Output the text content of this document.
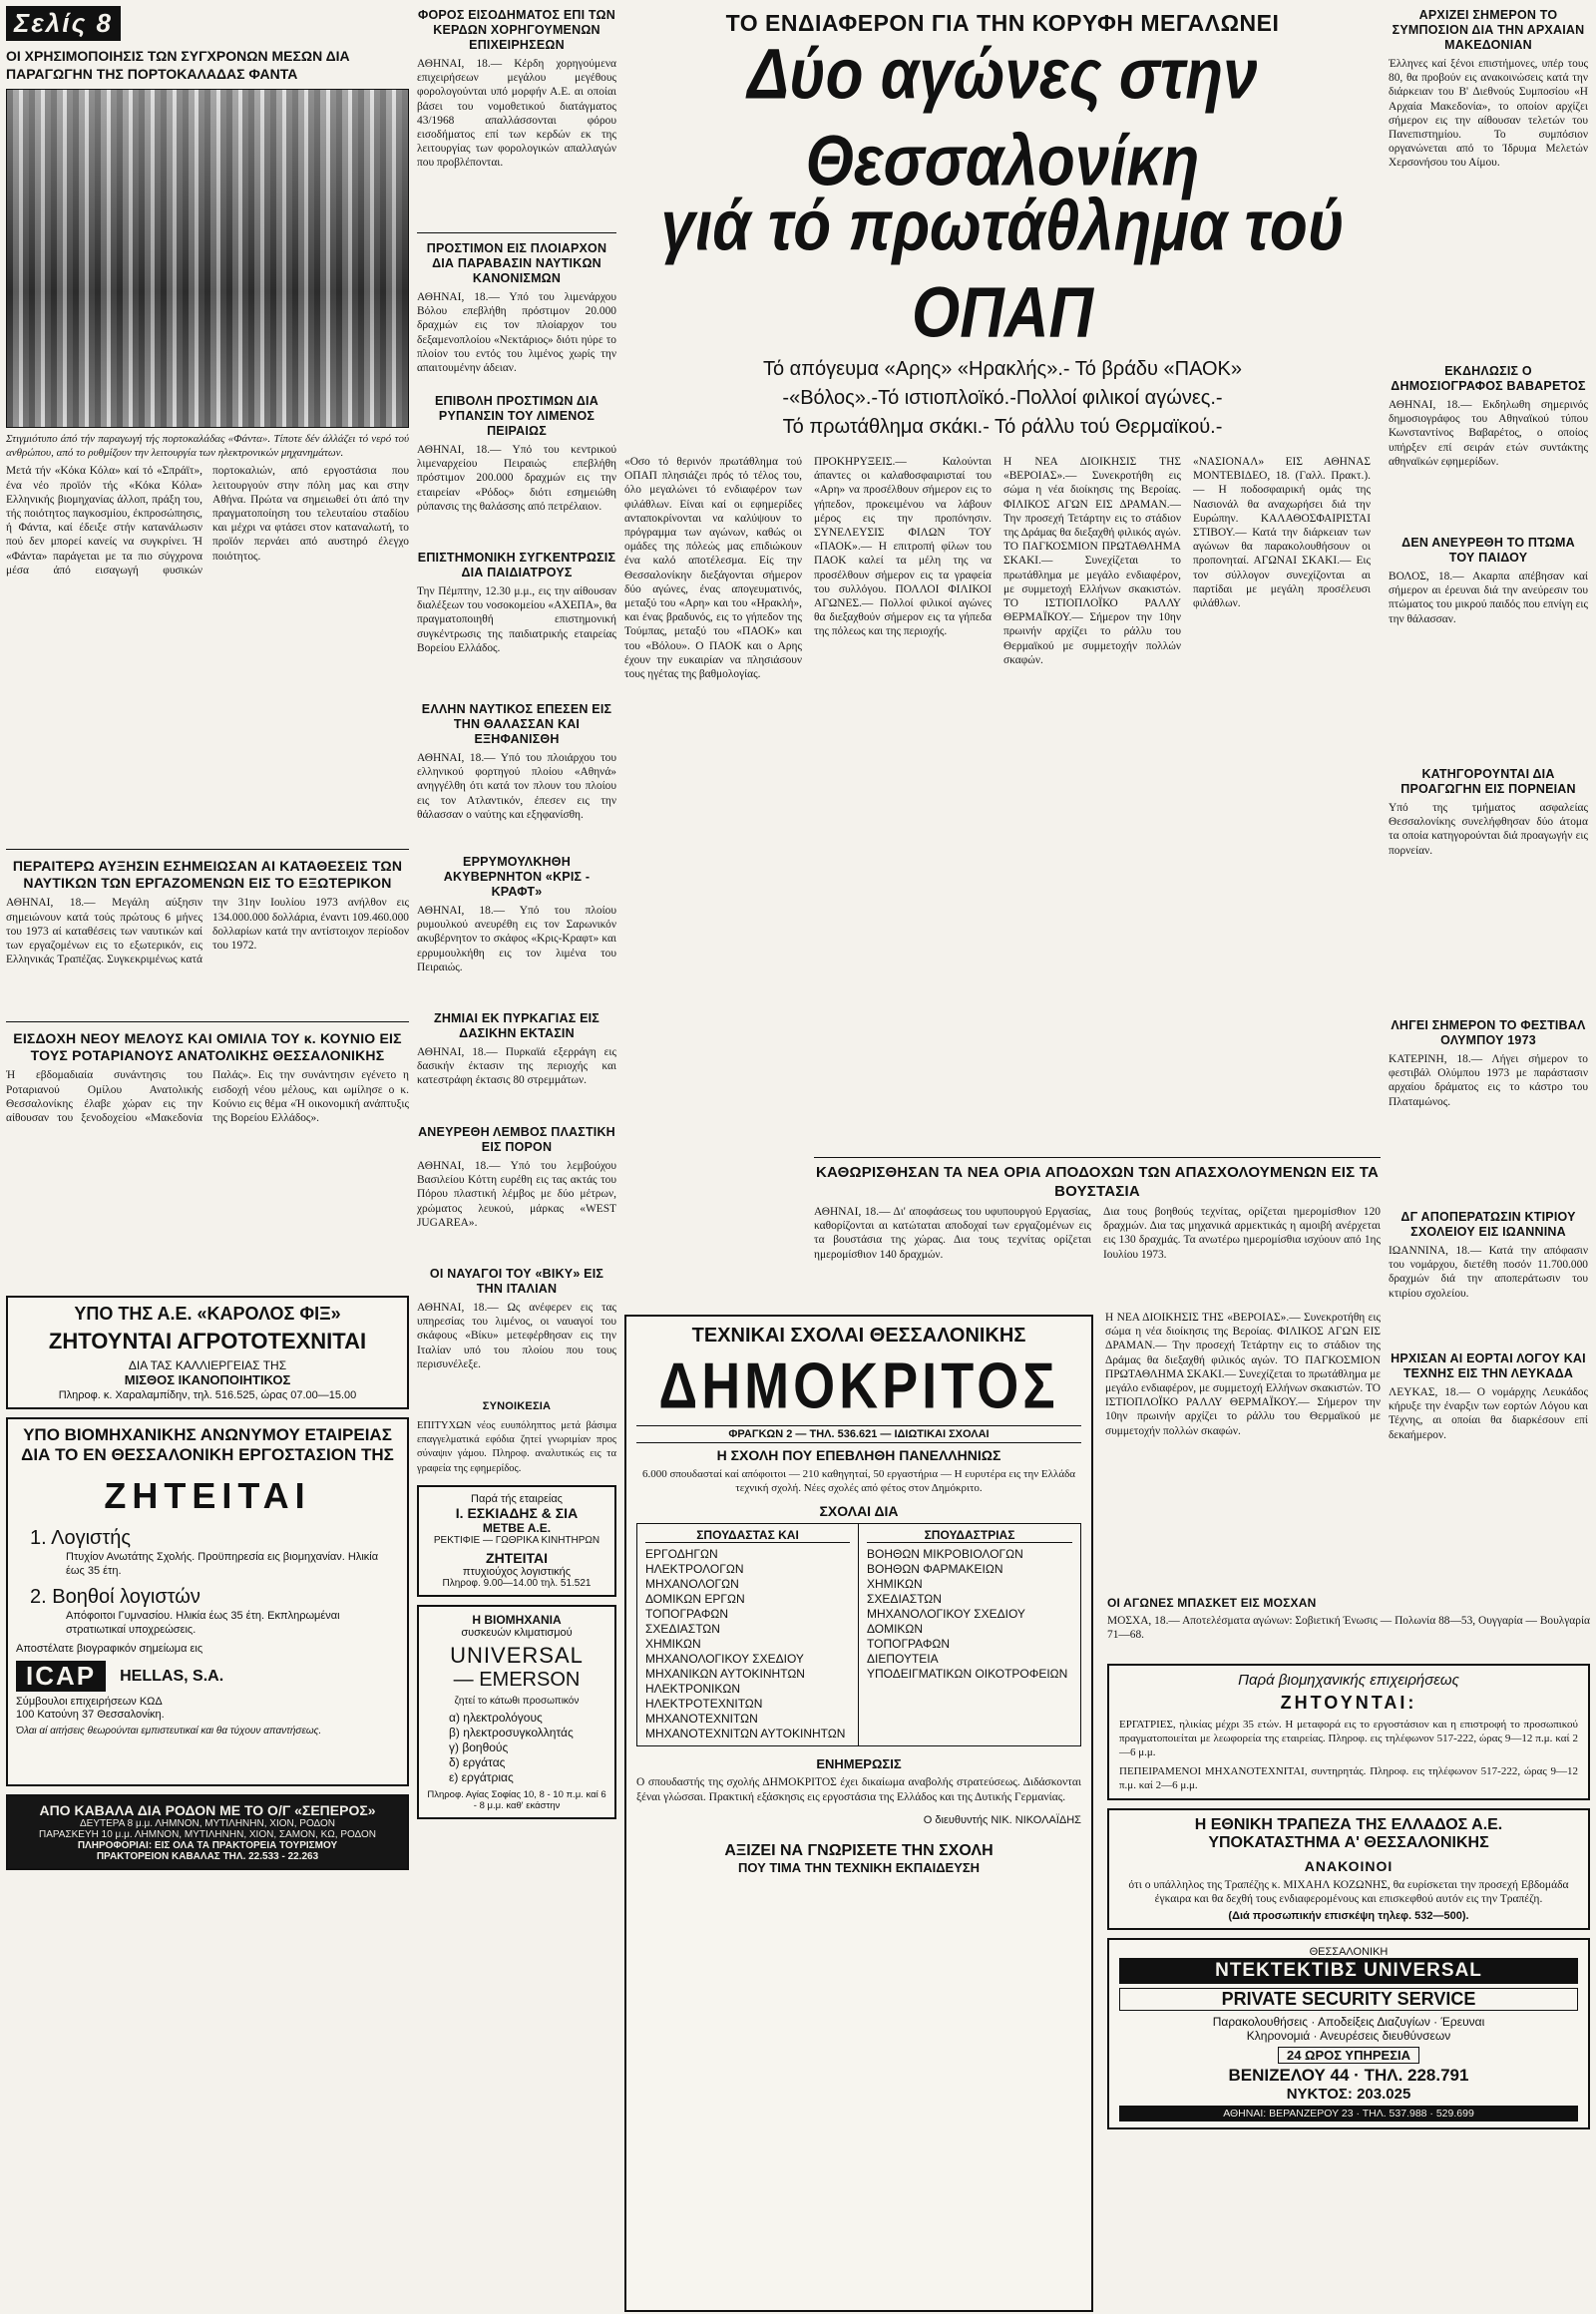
Σελίς 8
ΟΙ ΧΡΗΣΙΜΟΠΟΙΗΣΙΣ ΤΩΝ ΣΥΓΧΡΟΝΩΝ ΜΕΣΩΝ ΔΙΑ ΠΑΡΑΓΩΓΗΝ ΤΗΣ ΠΟΡΤΟΚΑΛΑΔΑΣ ΦΑΝΤΑ
Στιγμιότυπο άπό τήν παραγωγή τής πορτοκαλάδας «Φάντα». Τίποτε δέν άλλάζει τό νερό τού ανθρώπου, από το ρυθμίζουν την λειτουργία των ηλεκτρονικών μηχανημάτων.
Μετά τήν «Κόκα Κόλα» καί τό «Σπράϊτ», ένα νέο προϊόν τής «Κόκα Κόλα» Ελληνικής βιομηχανίας άλλοπ, πράξη του, τής ποιότητος παγκοσμίου, έκπροσώπησις, ή Φάντα, καί έδειξε στήν κατανάλωσιν πού δεν μπορεί κανείς να συγκρίνει. Ή «Φάντα» παράγεται με τα πιο σύγχρονα μέσα άπό εισαγωγή φυσικών πορτοκαλιών, από εργοστάσια που λειτουργούν στην πόλη μας και στην Αθήνα. Πρώτα να σημειωθεί ότι άπό την πραγματοποίηση του τελευταίου σταδίου και μέχρι να φτάσει στον καταναλωτή, το προϊόν περνάει από αυστηρό έλεγχο ποιότητος.
ΠΕΡΑΙΤΕΡΩ ΑΥΞΗΣΙΝ ΕΣΗΜΕΙΩΣΑΝ ΑΙ ΚΑΤΑΘΕΣΕΙΣ ΤΩΝ ΝΑΥΤΙΚΩΝ ΤΩΝ ΕΡΓΑΖΟΜΕΝΩΝ ΕΙΣ ΤΟ ΕΞΩΤΕΡΙΚΟΝ
ΑΘΗΝΑΙ, 18.— Μεγάλη αύξησιν σημειώνουν κατά τούς πρώτους 6 μήνες του 1973 αί καταθέσεις των ναυτικών καί των εργαζομένων εις το εξωτερικόν, εις Ελληνικάς Τραπέζας. Συγκεκριμένως κατά την 31ην Ιουλίου 1973 ανήλθον εις 134.000.000 δολλάρια, έναντι 109.460.000 δολλαρίων κατά την αντίστοιχον περίοδον του 1972.
ΕΙΣΔΟΧΗ ΝΕΟΥ ΜΕΛΟΥΣ ΚΑΙ ΟΜΙΛΙΑ ΤΟΥ κ. ΚΟΥΝΙΟ ΕΙΣ ΤΟΥΣ ΡΟΤΑΡΙΑΝΟΥΣ ΑΝΑΤΟΛΙΚΗΣ ΘΕΣΣΑΛΟΝΙΚΗΣ
Ή εβδομαδιαία συνάντησις του Ροταριανού Ομίλου Ανατολικής Θεσσαλονίκης έλαβε χώραν εις την αίθουσαν του ξενοδοχείου «Μακεδονία Παλάς». Εις την συνάντησιν εγένετο η εισδοχή νέου μέλους, και ωμίλησε ο κ. Κούνιο εις θέμα «Ή οικονομική ανάπτυξις της Βορείου Ελλάδος».
ΥΠΟ ΤΗΣ Α.Ε. «ΚΑΡΟΛΟΣ ΦΙΞ»
ΖΗΤΟΥΝΤΑΙ ΑΓΡΟΤΟΤΕΧΝΙΤΑΙ
ΔΙΑ ΤΑΣ ΚΑΛΛΙΕΡΓΕΙΑΣ ΤΗΣ
ΜΙΣΘΟΣ ΙΚΑΝΟΠΟΙΗΤΙΚΟΣ
Πληροφ. κ. Χαραλαμπίδην, τηλ. 516.525, ώρας 07.00—15.00
ΥΠΟ ΒΙΟΜΗΧΑΝΙΚΗΣ ΑΝΩΝΥΜΟΥ ΕΤΑΙΡΕΙΑΣ
ΔΙΑ ΤΟ ΕΝ ΘΕΣΣΑΛΟΝΙΚΗ ΕΡΓΟΣΤΑΣΙΟΝ ΤΗΣ
ΖΗΤΕΙΤΑΙ
1. Λογιστής
Πτυχίον Ανωτάτης Σχολής. Προϋπηρεσία εις βιομηχανίαν. Ηλικία έως 35 έτη.
2. Βοηθοί λογιστών
Απόφοιτοι Γυμνασίου. Ηλικία έως 35 έτη. Εκπληρωμέναι στρατιωτικαί υποχρεώσεις.
Αποστέλατε βιογραφικόν σημείωμα εις
ICAP	HELLAS, S.A.
Σύμβουλοι επιχειρήσεων ΚΩΔ 100 Κατούνη 37 Θεσσαλονίκη.
Όλαι αί αιτήσεις θεωρούνται εμπιστευτικαί και θα τύχουν απαντήσεως.
ΑΠΟ ΚΑΒΑΛΑ ΔΙΑ ΡΟΔΟΝ ΜΕ ΤΟ Ο/Γ «ΣΕΠΕΡΟΣ»
ΔΕΥΤΕΡΑ 8 μ.μ. ΛΗΜΝΟΝ, ΜΥΤΙΛΗΝΗΝ, ΧΙΟΝ, ΡΟΔΟΝ
ΠΑΡΑΣΚΕΥΗ 10 μ.μ. ΛΗΜΝΟΝ, ΜΥΤΙΛΗΝΗΝ, ΧΙΟΝ, ΣΑΜΟΝ, ΚΩ, ΡΟΔΟΝ
ΠΛΗΡΟΦΟΡΙΑΙ: ΕΙΣ ΟΛΑ ΤΑ ΠΡΑΚΤΟΡΕΙΑ ΤΟΥΡΙΣΜΟΥ
ΠΡΑΚΤΟΡΕΙΟΝ ΚΑΒΑΛΑΣ ΤΗΛ. 22.533 - 22.263
ΦΟΡΟΣ ΕΙΣΟΔΗΜΑΤΟΣ ΕΠΙ ΤΩΝ ΚΕΡΔΩΝ ΧΟΡΗΓΟΥΜΕΝΩΝ ΕΠΙΧΕΙΡΗΣΕΩΝ
ΑΘΗΝΑΙ, 18.— Κέρδη χορηγούμενα επιχειρήσεων μεγάλου μεγέθους φορολογούνται υπό μορφήν Α.Ε. αι οποίαι βάσει του νομοθετικού διατάγματος 43/1968 απαλλάσσονται φόρου εισοδήματος επί των κερδών εκ της λειτουργίας των φορολογικών απαλλαγών που προβλέπονται.
ΠΡΟΣΤΙΜΟΝ ΕΙΣ ΠΛΟΙΑΡΧΟΝ ΔΙΑ ΠΑΡΑΒΑΣΙΝ ΝΑΥΤΙΚΩΝ ΚΑΝΟΝΙΣΜΩΝ
ΑΘΗΝΑΙ, 18.— Υπό του λιμενάρχου Βόλου επεβλήθη πρόστιμον 20.000 δραχμών εις τον πλοίαρχον του δεξαμενοπλοίου «Νεκτάριος» διότι ηύρε το πλοίον του εντός του λιμένος χωρίς την απαιτουμένην άδειαν.
ΕΠΙΒΟΛΗ ΠΡΟΣΤΙΜΩΝ ΔΙΑ ΡΥΠΑΝΣΙΝ ΤΟΥ ΛΙΜΕΝΟΣ ΠΕΙΡΑΙΩΣ
ΑΘΗΝΑΙ, 18.— Υπό του κεντρικού λιμεναρχείου Πειραιώς επεβλήθη πρόστιμον 200.000 δραχμών εις την εταιρείαν «Ρόδος» διότι εσημειώθη ρύπανσις της θαλάσσης από πετρέλαιον.
ΕΠΙΣΤΗΜΟΝΙΚΗ ΣΥΓΚΕΝΤΡΩΣΙΣ ΔΙΑ ΠΑΙΔΙΑΤΡΟΥΣ
Την Πέμπτην, 12.30 μ.μ., εις την αίθουσαν διαλέξεων του νοσοκομείου «ΑΧΕΠΑ», θα πραγματοποιηθή επιστημονική συγκέντρωσις της παιδιατρικής εταιρείας Βορείου Ελλάδος.
ΕΛΛΗΝ ΝΑΥΤΙΚΟΣ ΕΠΕΣΕΝ ΕΙΣ ΤΗΝ ΘΑΛΑΣΣΑΝ ΚΑΙ ΕΞΗΦΑΝΙΣΘΗ
ΑΘΗΝΑΙ, 18.— Υπό του πλοιάρχου του ελληνικού φορτηγού πλοίου «Αθηνά» ανηγγέλθη ότι κατά τον πλουν του πλοίου εις τον Ατλαντικόν, έπεσεν εις την θάλασσαν ο ναύτης και εξηφανίσθη.
ΕΡΡΥΜΟΥΛΚΗΘΗ ΑΚΥΒΕΡΝΗΤΟΝ «ΚΡΙΣ - ΚΡΑΦΤ»
ΑΘΗΝΑΙ, 18.— Υπό του πλοίου ρυμουλκού ανευρέθη εις τον Σαρωνικόν ακυβέρνητον το σκάφος «Κρις-Κραφτ» και ερρυμουλκήθη εις τον λιμένα του Πειραιώς.
ΖΗΜΙΑΙ ΕΚ ΠΥΡΚΑΓΙΑΣ ΕΙΣ ΔΑΣΙΚΗΝ ΕΚΤΑΣΙΝ
ΑΘΗΝΑΙ, 18.— Πυρκαϊά εξερράγη εις δασικήν έκτασιν της περιοχής και κατεστράφη έκτασις 80 στρεμμάτων.
ΑΝΕΥΡΕΘΗ ΛΕΜΒΟΣ ΠΛΑΣΤΙΚΗ ΕΙΣ ΠΟΡΟΝ
ΑΘΗΝΑΙ, 18.— Υπό του λεμβούχου Βασιλείου Κόττη ευρέθη εις τας ακτάς του Πόρου πλαστική λέμβος με δύο μέτρων, χρώματος λευκού, μάρκας «WEST JUGAREA».
ΟΙ ΝΑΥΑΓΟΙ ΤΟΥ «ΒΙΚΥ» ΕΙΣ ΤΗΝ ΙΤΑΛΙΑΝ
ΑΘΗΝΑΙ, 18.— Ως ανέφερεν εις τας υπηρεσίας του λιμένος, οι ναυαγοί του σκάφους «Βίκυ» μετεφέρθησαν εις την Ιταλίαν υπό του πλοίου που τους περισυνέλεξε.
ΣΥΝΟΙΚΕΣΙΑ
ΕΠΙΤΥΧΩΝ νέος ευυπόληπτος μετά βάσιμα επαγγελματικά εφόδια ζητεί γνωριμίαν προς σύναψιν γάμου. Πληροφ. αναλυτικώς εις τα γραφεία της εφημερίδος.
Παρά τής εταιρείας
Ι. ΕΣΚΙΑΔΗΣ & ΣΙΑ
ΜΕΤΒΕ Α.Ε.
ΡΕΚΤΙΦΙΕ — ΓΩΘΡΙΚΑ ΚΙΝΗΤΗΡΩΝ
ΖΗΤΕΙΤΑΙ
πτυχιούχος λογιστικής
Πληροφ. 9.00—14.00 τηλ. 51.521
Η ΒΙΟΜΗΧΑΝΙΑ
συσκευών κλιματισμού
UNIVERSAL
— EMERSON
ζητεί το κάτωθι προσωπικόν
α) ηλεκτρολόγους
β) ηλεκτροσυγκολλητάς
γ) βοηθούς
δ) εργάτας
ε) εργάτριας
Πληροφ. Αγίας Σοφίας 10, 8 - 10 π.μ. καί 6 - 8 μ.μ. καθ' εκάστην
ΤΟ ΕΝΔΙΑΦΕΡΟΝ ΓΙΑ ΤΗΝ ΚΟΡΥΦΗ ΜΕΓΑΛΩΝΕΙ
Δύο αγώνες στην Θεσσαλονίκη
γιά τό πρωτάθλημα τού ΟΠΑΠ
Τό απόγευμα «Αρης» «Ηρακλής».- Τό βράδυ «ΠΑΟΚ»
-«Βόλος».-Τό ιστιοπλοϊκό.-Πολλοί φιλικοί αγώνες.-
Τό πρωτάθλημα σκάκι.- Τό ράλλυ τού Θερμαϊκού.-
«Οσο τό θερινόν πρωτάθλημα τού ΟΠΑΠ πλησιάζει πρός τό τέλος του, όλο μεγαλώνει τό ενδιαφέρον των φιλάθλων. Είναι καί οι εφημερίδες ανταποκρίνονται να καλύψουν το πρόγραμμα των αγώνων, καθώς οι ομάδες της πόλεώς μας επιδιώκουν ένα καλό αποτέλεσμα. Είς την Θεσσαλονίκην διεξάγονται σήμερον δύο αγώνες, ένας απογευματινός, μεταξύ του «Αρη» και του «Ηρακλή», και ένας βραδυνός, εις το γήπεδον της Τούμπας, μεταξύ του «ΠΑΟΚ» και του «Βόλου». Ο ΠΑΟΚ και ο Αρης έχουν την ευκαιρίαν να πλησιάσουν τους ηγέτας της βαθμολογίας.
ΠΡΟΚΗΡΥΞΕΙΣ.— Καλούνται άπαντες οι καλαθοσφαιρισταί του «Αρη» να προσέλθουν σήμερον εις το γήπεδον, προκειμένου να λάβουν μέρος εις την προπόνησιν. ΣΥΝΕΛΕΥΣΙΣ ΦΙΛΩΝ ΤΟΥ «ΠΑΟΚ».— Η επιτροπή φίλων του ΠΑΟΚ καλεί τα μέλη της να προσέλθουν σήμερον εις τα γραφεία του συλλόγου. ΠΟΛΛΟΙ ΦΙΛΙΚΟΙ ΑΓΩΝΕΣ.— Πολλοί φιλικοί αγώνες θα διεξαχθούν σήμερον εις τα γήπεδα της πόλεως και της περιοχής.
Η ΝΕΑ ΔΙΟΙΚΗΣΙΣ ΤΗΣ «ΒΕΡΟΙΑΣ».— Συνεκροτήθη εις σώμα η νέα διοίκησις της Βεροίας. ΦΙΛΙΚΟΣ ΑΓΩΝ ΕΙΣ ΔΡΑΜΑΝ.— Την προσεχή Τετάρτην εις το στάδιον της Δράμας θα διεξαχθή φιλικός αγών. ΤΟ ΠΑΓΚΟΣΜΙΟΝ ΠΡΩΤΑΘΛΗΜΑ ΣΚΑΚΙ.— Συνεχίζεται το πρωτάθλημα με μεγάλο ενδιαφέρον, με συμμετοχή Ελλήνων σκακιστών. ΤΟ ΙΣΤΙΟΠΛΟΪΚΟ ΡΑΛΛΥ ΘΕΡΜΑΪΚΟΥ.— Σήμερον την 10ην πρωινήν αρχίζει το ράλλυ του Θερμαϊκού με συμμετοχήν πολλών σκαφών.
«ΝΑΣΙΟΝΑΛ» ΕΙΣ ΑΘΗΝΑΣ ΜΟΝΤΕΒΙΔΕΟ, 18. (Γαλλ. Πρακτ.).— Η ποδοσφαιρική ομάς της Νασιονάλ θα αναχωρήσει διά την Ευρώπην. ΚΑΛΑΘΟΣΦΑΙΡΙΣΤΑΙ ΣΤΙΒΟΥ.— Κατά την διάρκειαν των αγώνων θα παρακολουθήσουν οι προπονηταί. ΑΓΩΝΑΙ ΣΚΑΚΙ.— Εις τον σύλλογον συνεχίζονται αι παρτίδαι με μεγάλη προσέλευσι φιλάθλων.
ΚΑΘΩΡΙΣΘΗΣΑΝ ΤΑ ΝΕΑ ΟΡΙΑ ΑΠΟΔΟΧΩΝ ΤΩΝ ΑΠΑΣΧΟΛΟΥΜΕΝΩΝ ΕΙΣ ΤΑ ΒΟΥΣΤΑΣΙΑ
ΑΘΗΝΑΙ, 18.— Δι' αποφάσεως του υφυπουργού Εργασίας, καθορίζονται αι κατώταται αποδοχαί των εργαζομένων εις τα βουστάσια της χώρας. Δια τους τεχνίτας ορίζεται ημερομίσθιον 140 δραχμών.
Δια τους βοηθούς τεχνίτας, ορίζεται ημερομίσθιον 120 δραχμών. Δια τας μηχανικά αρμεκτικάς η αμοιβή ανέρχεται εις 130 δραχμάς. Τα ανωτέρω ημερομίσθια ισχύουν από 1ης Ιουλίου 1973.
ΤΕΧΝΙΚΑΙ ΣΧΟΛΑΙ ΘΕΣΣΑΛΟΝΙΚΗΣ
ΔΗΜΟΚΡΙΤΟΣ
ΦΡΑΓΚΩΝ 2 — ΤΗΛ. 536.621 — ΙΔΙΩΤΙΚΑΙ ΣΧΟΛΑΙ
Η ΣΧΟΛΗ ΠΟΥ ΕΠΕΒΛΗΘΗ ΠΑΝΕΛΛΗΝΙΩΣ
6.000 σπουδασταί καί απόφοιτοι — 210 καθηγηταί, 50 εργαστήρια — Η ευρυτέρα εις την Ελλάδα τεχνική σχολή. Νέες σχολές από φέτος στον Δημόκριτο.
ΣΧΟΛΑΙ ΔΙΑ
ΣΠΟΥΔΑΣΤΑΣ ΚΑΙ
ΕΡΓΟΔΗΓΩΝ
ΗΛΕΚΤΡΟΛΟΓΩΝ
ΜΗΧΑΝΟΛΟΓΩΝ
ΔΟΜΙΚΩΝ ΕΡΓΩΝ
ΤΟΠΟΓΡΑΦΩΝ
ΣΧΕΔΙΑΣΤΩΝ
ΧΗΜΙΚΩΝ
ΜΗΧΑΝΟΛΟΓΙΚΟΥ ΣΧΕΔΙΟΥ
ΜΗΧΑΝΙΚΩΝ ΑΥΤΟΚΙΝΗΤΩΝ
ΗΛΕΚΤΡΟΝΙΚΩΝ
ΗΛΕΚΤΡΟΤΕΧΝΙΤΩΝ
ΜΗΧΑΝΟΤΕΧΝΙΤΩΝ
ΜΗΧΑΝΟΤΕΧΝΙΤΩΝ ΑΥΤΟΚΙΝΗΤΩΝ
ΣΠΟΥΔΑΣΤΡΙΑΣ
ΒΟΗΘΩΝ ΜΙΚΡΟΒΙΟΛΟΓΩΝ
ΒΟΗΘΩΝ ΦΑΡΜΑΚΕΙΩΝ
ΧΗΜΙΚΩΝ
ΣΧΕΔΙΑΣΤΩΝ
ΜΗΧΑΝΟΛΟΓΙΚΟΥ ΣΧΕΔΙΟΥ
ΔΟΜΙΚΩΝ
ΤΟΠΟΓΡΑΦΩΝ
ΔΙΕΠΟΥΤΕΙΑ
ΥΠΟΔΕΙΓΜΑΤΙΚΩΝ ΟΙΚΟΤΡΟΦΕΙΩΝ
ΕΝΗΜΕΡΩΣΙΣ
Ο σπουδαστής της σχολής ΔΗΜΟΚΡΙΤΟΣ έχει δικαίωμα αναβολής στρατεύσεως. Διδάσκονται ξέναι γλώσσαι. Πρακτική εξάσκησις εις εργοστάσια της Ελλάδος και της Δυτικής Γερμανίας.
Ο διευθυντής ΝΙΚ. ΝΙΚΟΛΑΪΔΗΣ
ΑΞΙΖΕΙ ΝΑ ΓΝΩΡΙΣΕΤΕ ΤΗΝ ΣΧΟΛΗ
ΠΟΥ ΤΙΜΑ ΤΗΝ ΤΕΧΝΙΚΗ ΕΚΠΑΙΔΕΥΣΗ
Η ΝΕΑ ΔΙΟΙΚΗΣΙΣ ΤΗΣ «ΒΕΡΟΙΑΣ».— Συνεκροτήθη εις σώμα η νέα διοίκησις της Βεροίας. ΦΙΛΙΚΟΣ ΑΓΩΝ ΕΙΣ ΔΡΑΜΑΝ.— Την προσεχή Τετάρτην εις το στάδιον της Δράμας θα διεξαχθή φιλικός αγών. ΤΟ ΠΑΓΚΟΣΜΙΟΝ ΠΡΩΤΑΘΛΗΜΑ ΣΚΑΚΙ.— Συνεχίζεται το πρωτάθλημα με μεγάλο ενδιαφέρον, με συμμετοχή Ελλήνων σκακιστών. ΤΟ ΙΣΤΙΟΠΛΟΪΚΟ ΡΑΛΛΥ ΘΕΡΜΑΪΚΟΥ.— Σήμερον την 10ην πρωινήν αρχίζει το ράλλυ του Θερμαϊκού με συμμετοχήν πολλών σκαφών.
ΑΡΧΙΖΕΙ ΣΗΜΕΡΟΝ ΤΟ ΣΥΜΠΟΣΙΟΝ ΔΙΑ ΤΗΝ ΑΡΧΑΙΑΝ ΜΑΚΕΔΟΝΙΑΝ
Έλληνες καί ξένοι επιστήμονες, υπέρ τους 80, θα προβούν εις ανακοινώσεις κατά την διάρκειαν του Β' Διεθνούς Συμποσίου «Η Αρχαία Μακεδονία», το οποίον αρχίζει σήμερον εις την αίθουσαν τελετών του Πανεπιστημίου. Το συμπόσιον οργανώνεται από το Ίδρυμα Μελετών Χερσονήσου του Αίμου.
ΕΚΔΗΛΩΣΙΣ Ο ΔΗΜΟΣΙΟΓΡΑΦΟΣ ΒΑΒΑΡΕΤΟΣ
ΑΘΗΝΑΙ, 18.— Εκδηλωθη σημερινός δημοσιογράφος του Αθηναϊκού τύπου Κωνσταντίνος Βαβαρέτος, ο οποίος υπήρξεν επί σειράν ετών συντάκτης αθηναϊκών εφημερίδων.
ΔΕΝ ΑΝΕΥΡΕΘΗ ΤΟ ΠΤΩΜΑ ΤΟΥ ΠΑΙΔΟΥ
ΒΟΛΟΣ, 18.— Ακαρπα απέβησαν καί σήμερον αι έρευναι διά την ανεύρεσιν του πτώματος του μικρού παιδός που επνίγη εις την θάλασσαν.
ΚΑΤΗΓΟΡΟΥΝΤΑΙ ΔΙΑ ΠΡΟΑΓΩΓΗΝ ΕΙΣ ΠΟΡΝΕΙΑΝ
Υπό της τμήματος ασφαλείας Θεσσαλονίκης συνελήφθησαν δύο άτομα τα οποία κατηγορούνται διά προαγωγήν εις πορνείαν.
ΛΗΓΕΙ ΣΗΜΕΡΟΝ ΤΟ ΦΕΣΤΙΒΑΛ ΟΛΥΜΠΟΥ 1973
ΚΑΤΕΡΙΝΗ, 18.— Λήγει σήμερον το φεστιβάλ Ολύμπου 1973 με παράστασιν αρχαίου δράματος εις το κάστρο του Πλαταμώνος.
ΔΓ ΑΠΟΠΕΡΑΤΩΣΙΝ ΚΤΙΡΙΟΥ ΣΧΟΛΕΙΟΥ ΕΙΣ ΙΩΑΝΝΙΝΑ
ΙΩΑΝΝΙΝΑ, 18.— Κατά την απόφασιν του νομάρχου, διετέθη ποσόν 11.700.000 δραχμών διά την αποπεράτωσιν του κτιρίου σχολείου.
ΗΡΧΙΣΑΝ ΑΙ ΕΟΡΤΑΙ ΛΟΓΟΥ ΚΑΙ ΤΕΧΝΗΣ ΕΙΣ ΤΗΝ ΛΕΥΚΑΔΑ
ΛΕΥΚΑΣ, 18.— Ο νομάρχης Λευκάδος κήρυξε την έναρξιν των εορτών Λόγου και Τέχνης, αι οποίαι θα διαρκέσουν επί δεκαήμερον.
ΟΙ ΑΓΩΝΕΣ ΜΠΑΣΚΕΤ ΕΙΣ ΜΟΣΧΑΝ
ΜΟΣΧΑ, 18.— Αποτελέσματα αγώνων: Σοβιετική Ένωσις — Πολωνία 88—53, Ουγγαρία — Βουλγαρία 71—68.
Παρά βιομηχανικής επιχειρήσεως
ΖΗΤΟΥΝΤΑΙ:
ΕΡΓΑΤΡΙΕΣ, ηλικίας μέχρι 35 ετών. Η μεταφορά εις το εργοστάσιον και η επιστροφή το προσωπικού πραγματοποιείται με λεωφορεία της εταιρείας. Πληροφ. εις τηλέφωνον 517-222, ώρας 9—12 π.μ. καί 2—6 μ.μ.
ΠΕΠΕΙΡΑΜΕΝΟΙ ΜΗΧΑΝΟΤΕΧΝΙΤΑΙ, συντηρητάς. Πληροφ. εις τηλέφωνον 517-222, ώρας 9—12 π.μ. καί 2—6 μ.μ.
Η ΕΘΝΙΚΗ ΤΡΑΠΕΖΑ ΤΗΣ ΕΛΛΑΔΟΣ Α.Ε.
ΥΠΟΚΑΤΑΣΤΗΜΑ Α' ΘΕΣΣΑΛΟΝΙΚΗΣ
ΑΝΑΚΟΙΝΟΙ
ότι ο υπάλληλος της Τραπέζης κ. ΜΙΧΑΗΛ ΚΟΖΩΝΗΣ, θα ευρίσκεται την προσεχή Εβδομάδα έγκαιρα και θα δεχθή τους ενδιαφερομένους και επισκεφθού αυτόν εις την Τραπέζη.
(Διά προσωπικήν επισκέψη τηλεφ. 532—500).
ΘΕΣΣΑΛΟΝΙΚΗ
ΝΤΕΚΤΕΚΤΙΒΣ UNIVERSAL
PRIVATE SECURITY SERVICE
Παρακολουθήσεις · Αποδείξεις Διαζυγίων · Έρευναι
Κληρονομιά · Ανευρέσεις διευθύνσεων
24 ΩΡΟΣ ΥΠΗΡΕΣΙΑ
ΒΕΝΙΖΕΛΟΥ 44 · ΤΗΛ. 228.791
ΝΥΚΤΟΣ: 203.025
ΑΘΗΝΑΙ: ΒΕΡΑΝΖΕΡΟΥ 23 · ΤΗΛ. 537.988 · 529.699
